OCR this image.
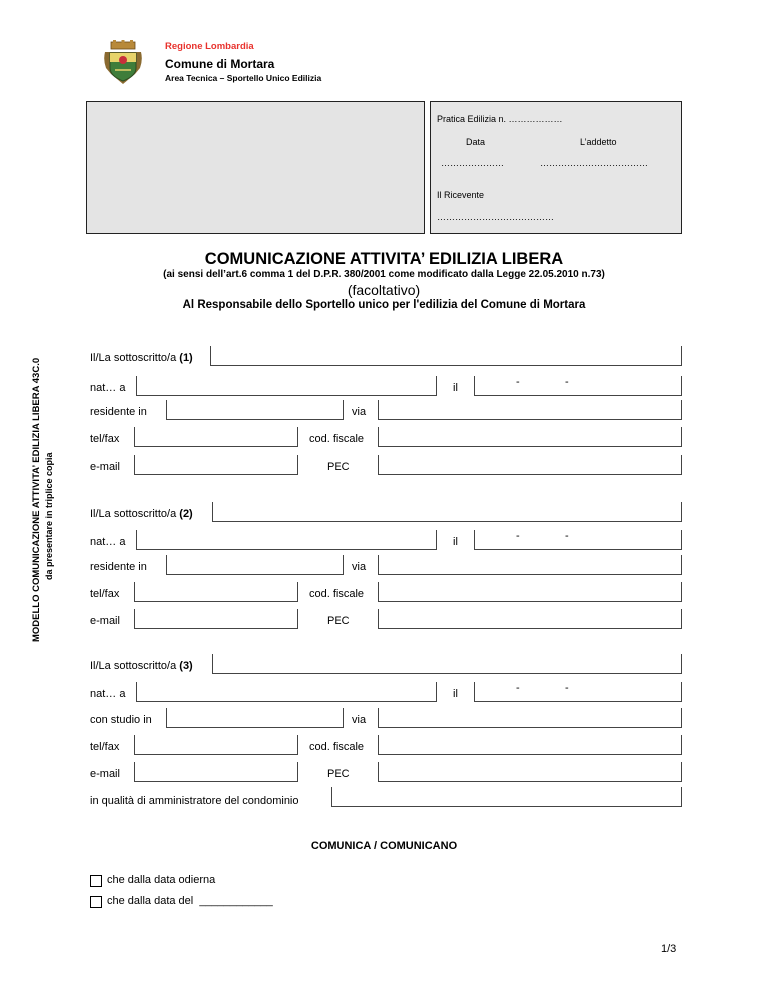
Regione Lombardia
Comune di Mortara
Area Tecnica – Sportello Unico Edilizia
Pratica Edilizia n. ………………
Data	L’addetto
…………………	………………………………
Il Ricevente
…………………………………
MODELLO COMUNICAZIONE ATTIVITA’ EDILIZIA LIBERA 43C.0 da presentare in triplice copia
COMUNICAZIONE ATTIVITA’ EDILIZIA LIBERA
(ai sensi dell’art.6 comma 1 del D.P.R. 380/2001 come modificato dalla Legge 22.05.2010 n.73)
(facoltativo)
Al Responsabile dello Sportello unico per l'edilizia del Comune di Mortara
Il/La sottoscritto/a (1)
nat… a	il	-	-
residente in	via
tel/fax	cod. fiscale
e-mail	PEC
Il/La sottoscritto/a (2)
nat… a	il	-	-
residente in	via
tel/fax	cod. fiscale
e-mail	PEC
Il/La sottoscritto/a (3)
nat… a	il	-	-
con studio in	via
tel/fax	cod. fiscale
e-mail	PEC
in qualità di amministratore del condominio
COMUNICA / COMUNICANO
che dalla data odierna
che dalla data del ____________
1/3
